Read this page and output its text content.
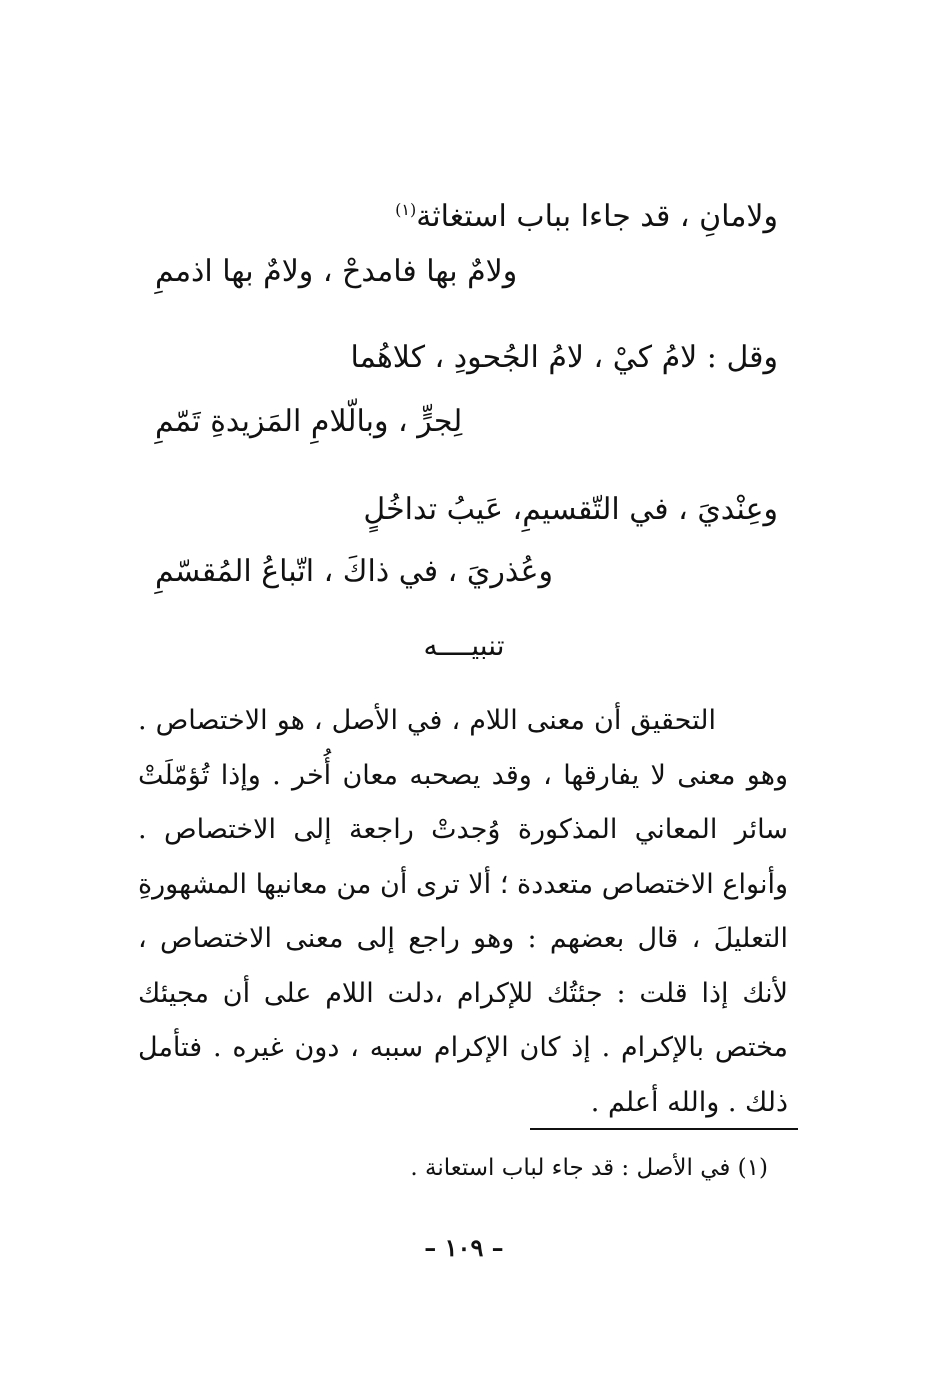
ولامانِ ، قد جاءا بباب استغاثة$^{(١)}$
ولامٌ بها فامدحْ ، ولامٌ بها اذممِ
وقل : لامُ كيْ ، لامُ الجُحودِ ، كلاهُما
لِجرٍّ ، وبالّلامِ المَزيدةِ تَمّمِ
وعِنْديَ ، في التّقسيمِ، عَيبُ تداخُلٍ
وعُذريَ ، في ذاكَ ، اتّباعُ المُقسّمِ
تنبيــــه

التحقيق أن معنى اللام ، في الأصل ، هو الاختصاص . وهو معنى لا يفارقها ، وقد يصحبه معان أُخر . وإذا تُؤمّلَتْ سائر المعاني المذكورة وُجدتْ راجعة إلى الاختصاص . وأنواع الاختصاص متعددة ؛ ألا ترى أن من معانيها المشهورةِ التعليلَ ، قال بعضهم : وهو راجع إلى معنى الاختصاص ، لأنك إذا قلت : جئتُك للإكرام ،دلت اللام على أن مجيئك مختص بالإكرام . إذ كان الإكرام سببه ، دون غيره . فتأمل ذلك . والله أعلم .

(١) في الأصل : قد جاء لباب استعانة .
– ١٠٩ –
